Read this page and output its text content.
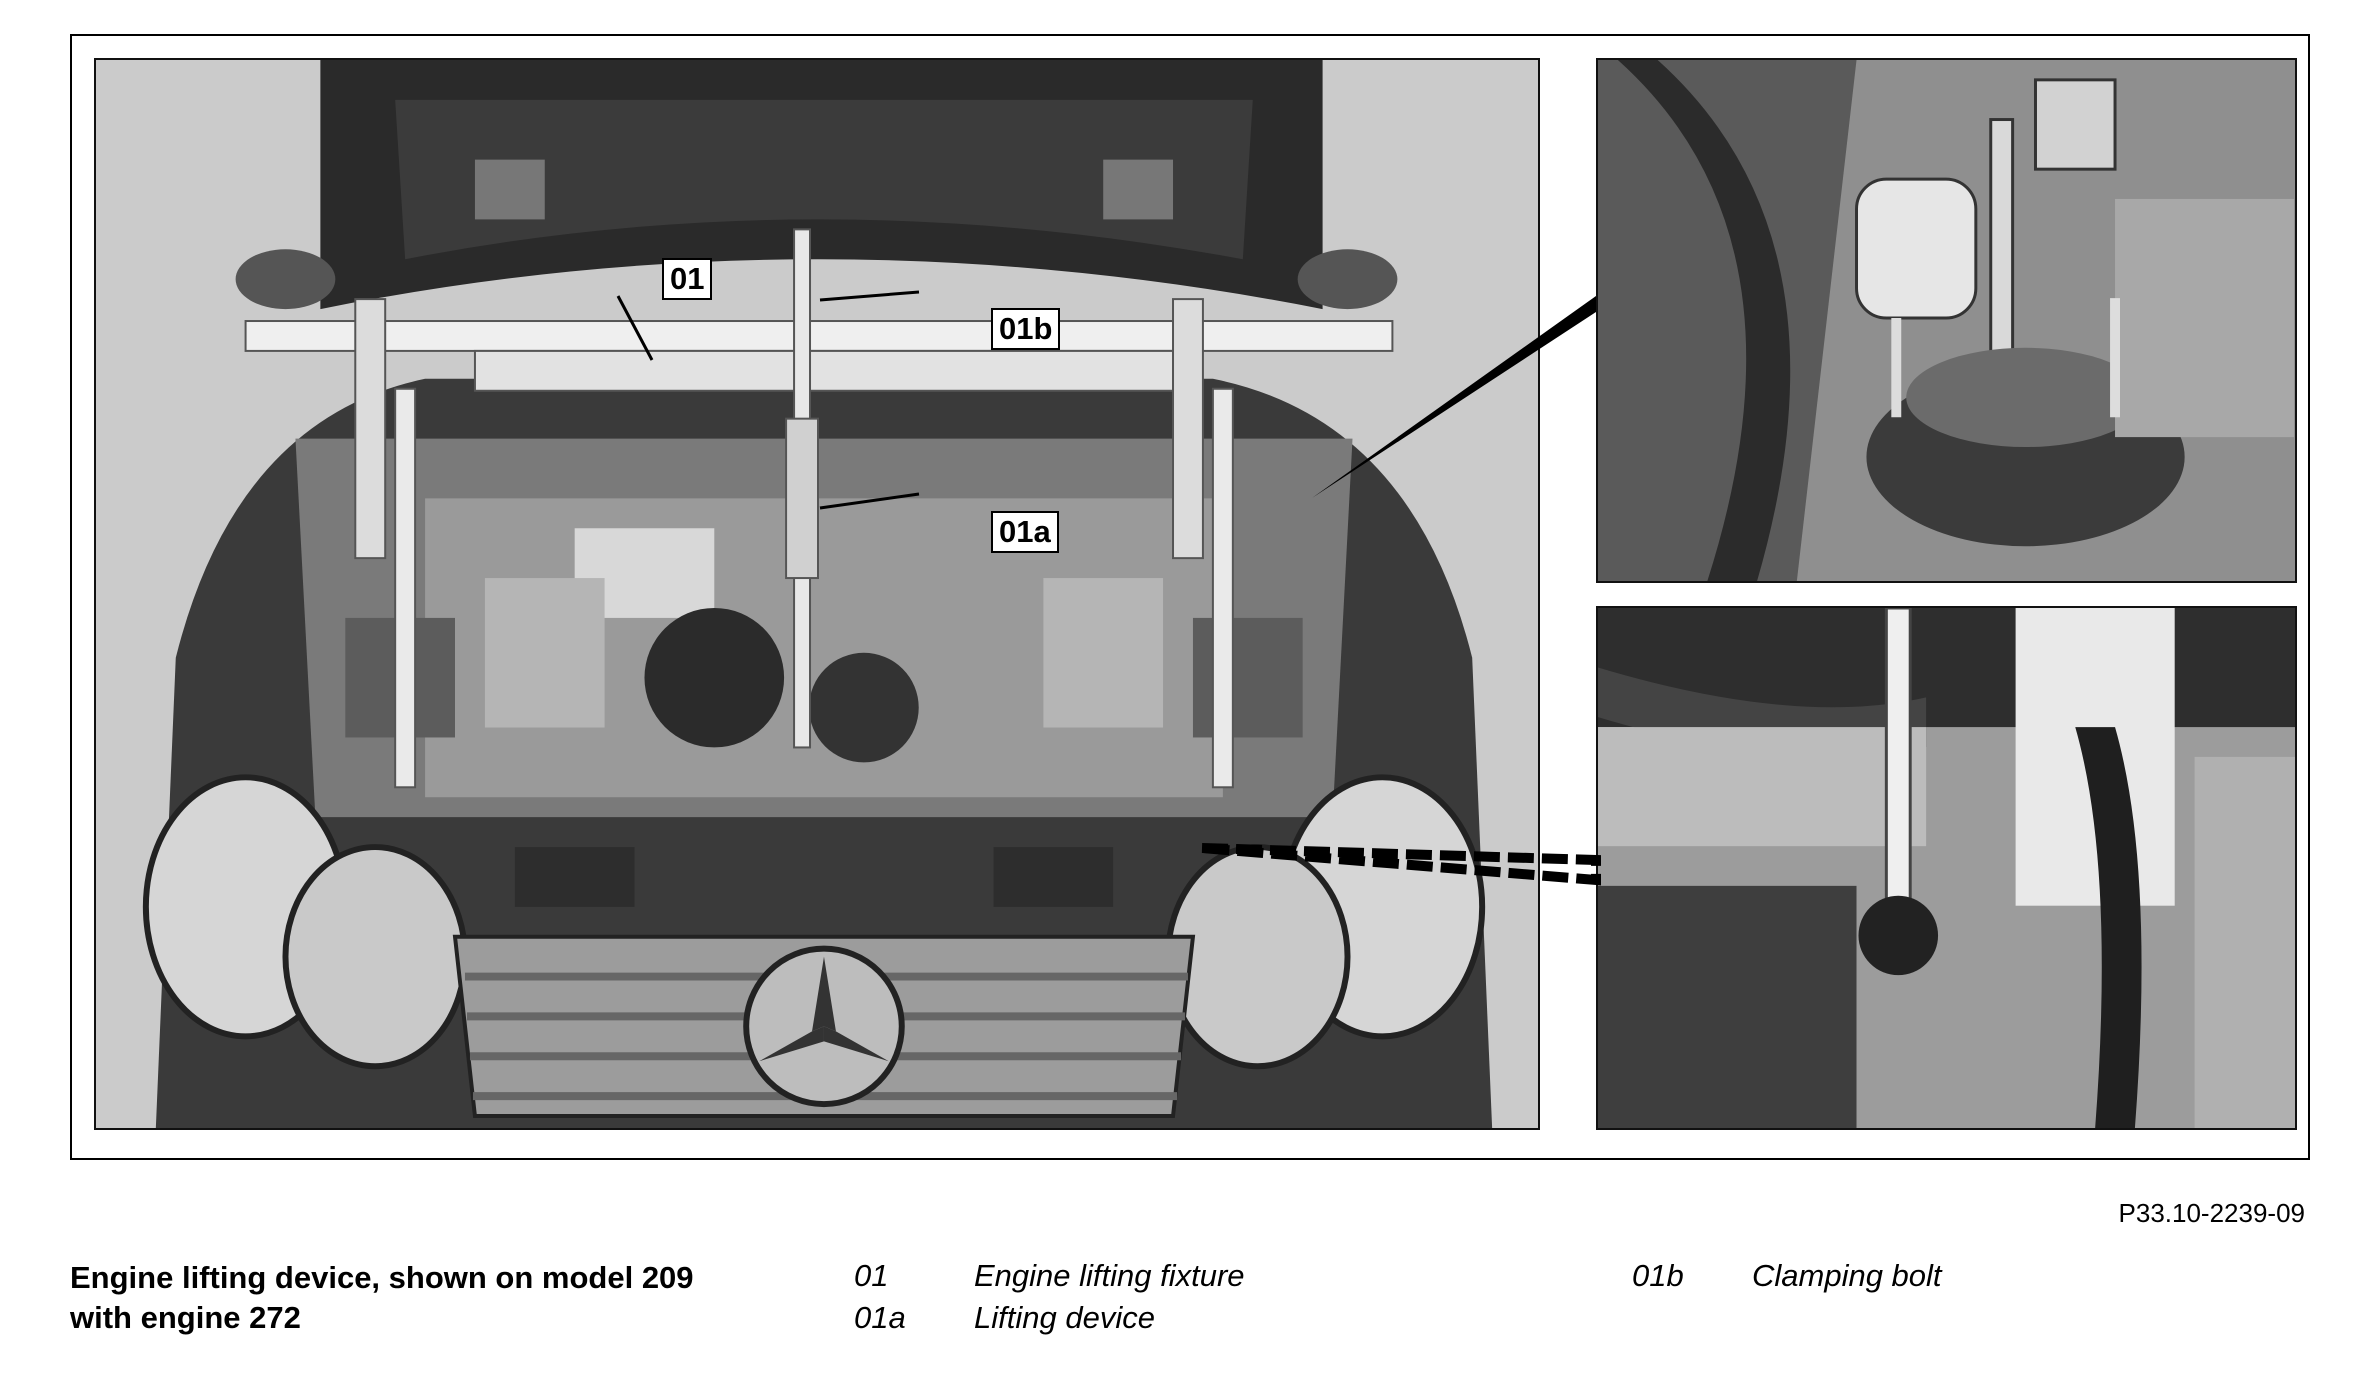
01
01b
01a
P33.10-2239-09
Engine lifting device, shown on model 209
with engine 272
01	Engine lifting fixture
01a Lifting device
01b Clamping bolt
